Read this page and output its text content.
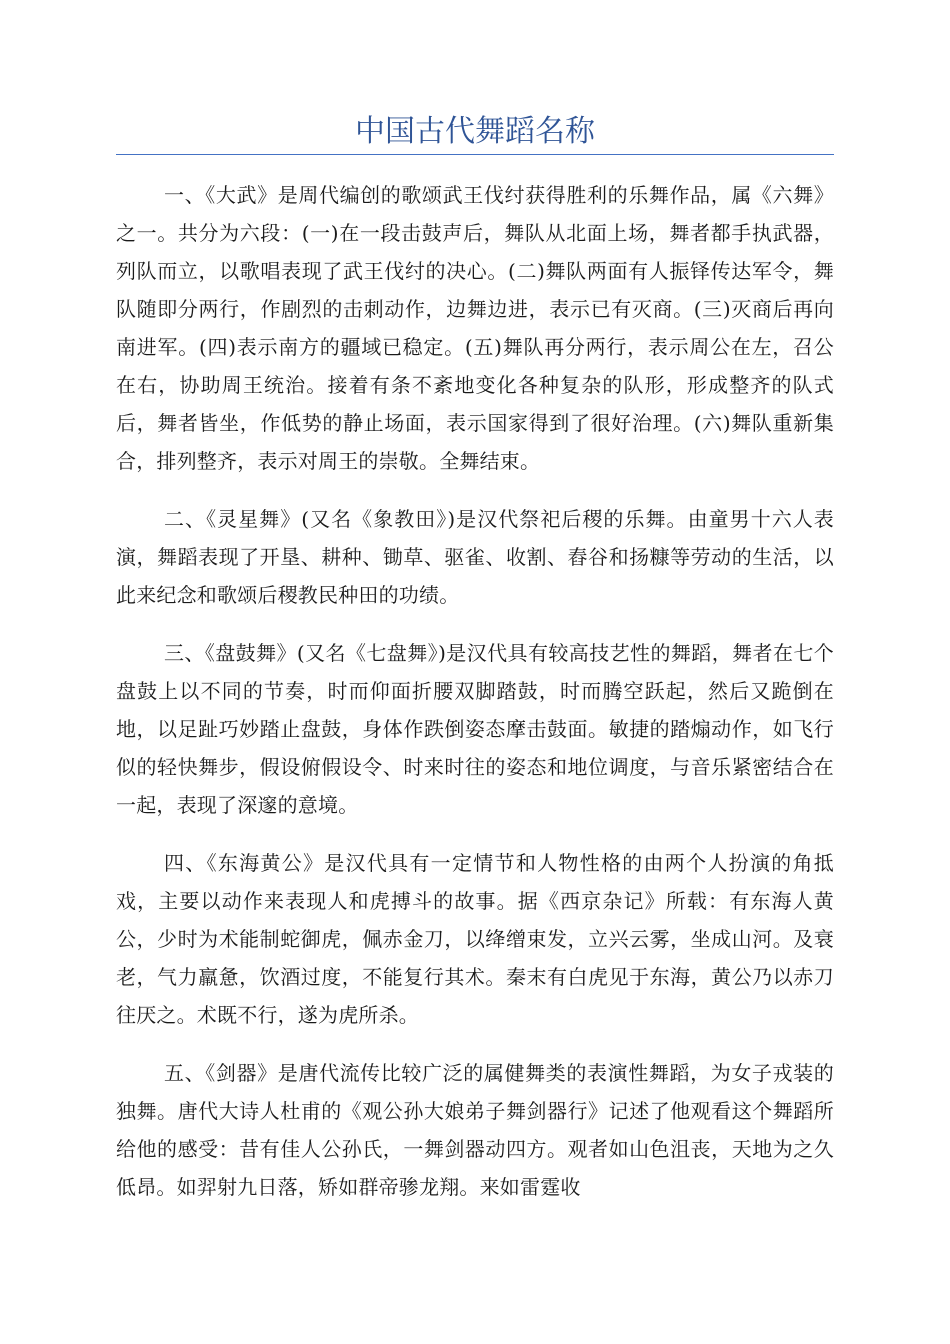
中国古代舞蹈名称

一、《大武》是周代编创的歌颂武王伐纣获得胜利的乐舞作品，属《六舞》之一。共分为六段：(一)在一段击鼓声后，舞队从北面上场，舞者都手执武器，列队而立，以歌唱表现了武王伐纣的决心。(二)舞队两面有人振铎传达军令，舞队随即分两行，作剧烈的击刺动作，边舞边进，表示已有灭商。(三)灭商后再向南进军。(四)表示南方的疆域已稳定。(五)舞队再分两行，表示周公在左，召公在右，协助周王统治。接着有条不紊地变化各种复杂的队形，形成整齐的队式后，舞者皆坐，作低势的静止场面，表示国家得到了很好治理。(六)舞队重新集合，排列整齐，表示对周王的崇敬。全舞结束。

二、《灵星舞》(又名《象教田》)是汉代祭祀后稷的乐舞。由童男十六人表演，舞蹈表现了开垦、耕种、锄草、驱雀、收割、舂谷和扬糠等劳动的生活，以此来纪念和歌颂后稷教民种田的功绩。

三、《盘鼓舞》(又名《七盘舞》)是汉代具有较高技艺性的舞蹈，舞者在七个盘鼓上以不同的节奏，时而仰面折腰双脚踏鼓，时而腾空跃起，然后又跪倒在地，以足趾巧妙踏止盘鼓，身体作跌倒姿态摩击鼓面。敏捷的踏煽动作，如飞行似的轻快舞步，假设俯假设令、时来时往的姿态和地位调度，与音乐紧密结合在一起，表现了深邃的意境。

四、《东海黄公》是汉代具有一定情节和人物性格的由两个人扮演的角抵戏，主要以动作来表现人和虎搏斗的故事。据《西京杂记》所载：有东海人黄公，少时为术能制蛇御虎，佩赤金刀，以绛缯束发，立兴云雾，坐成山河。及衰老，气力羸惫，饮酒过度，不能复行其术。秦末有白虎见于东海，黄公乃以赤刀往厌之。术既不行，遂为虎所杀。

五、《剑器》是唐代流传比较广泛的属健舞类的表演性舞蹈，为女子戎装的独舞。唐代大诗人杜甫的《观公孙大娘弟子舞剑器行》记述了他观看这个舞蹈所给他的感受：昔有佳人公孙氏，一舞剑器动四方。观者如山色沮丧，天地为之久低昂。如羿射九日落，矫如群帝骖龙翔。来如雷霆收
